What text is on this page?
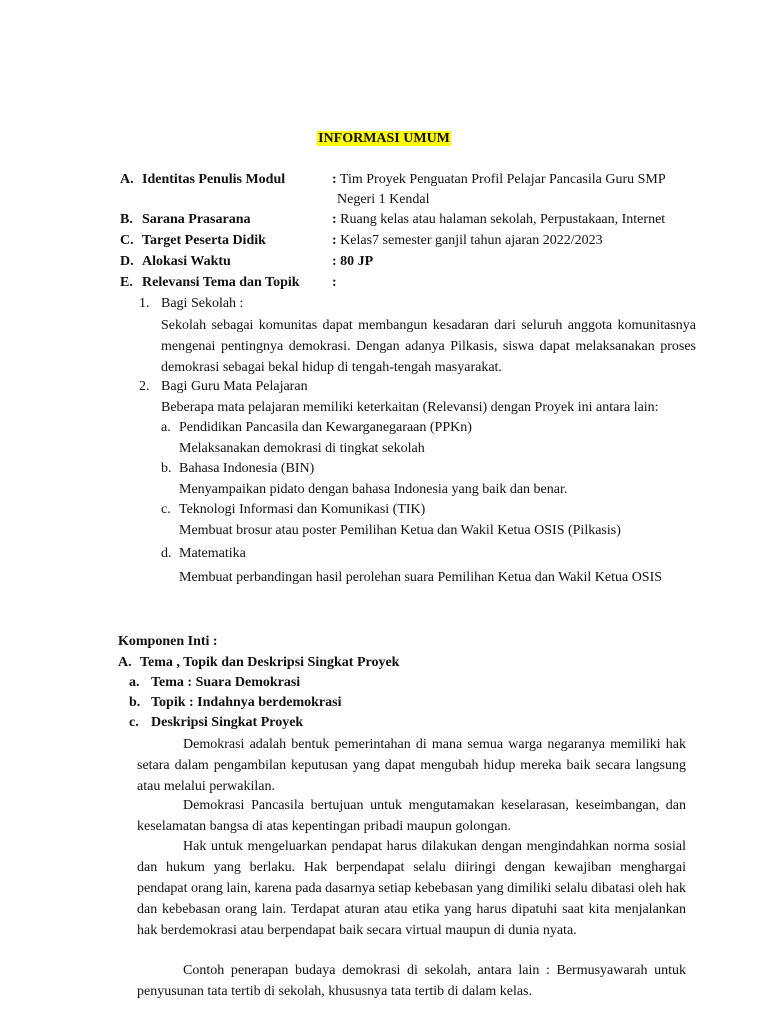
INFORMASI UMUM
A. Identitas Penulis Modul	: Tim Proyek Penguatan Profil Pelajar Pancasila Guru SMP
Negeri 1 Kendal
B. Sarana Prasarana	: Ruang kelas atau halaman sekolah, Perpustakaan, Internet
C. Target Peserta Didik	: Kelas7 semester ganjil tahun ajaran 2022/2023
D. Alokasi Waktu	: 80 JP
E. Relevansi Tema dan Topik :
1. Bagi Sekolah :
Sekolah sebagai komunitas dapat membangun kesadaran dari seluruh anggota komunitasnya mengenai pentingnya demokrasi. Dengan adanya Pilkasis, siswa dapat melaksanakan proses demokrasi sebagai bekal hidup di tengah-tengah masyarakat.
2. Bagi Guru Mata Pelajaran
Beberapa mata pelajaran memiliki keterkaitan (Relevansi) dengan Proyek ini antara lain:
a. Pendidikan Pancasila dan Kewarganegaraan (PPKn)
Melaksanakan demokrasi di tingkat sekolah
b. Bahasa Indonesia (BIN)
Menyampaikan pidato dengan bahasa Indonesia yang baik dan benar.
c. Teknologi Informasi dan Komunikasi (TIK)
Membuat brosur atau poster Pemilihan Ketua dan Wakil Ketua OSIS (Pilkasis)
d. Matematika
Membuat perbandingan hasil perolehan suara Pemilihan Ketua dan Wakil Ketua OSIS
Komponen Inti :
A. Tema , Topik dan Deskripsi Singkat Proyek
a. Tema : Suara Demokrasi
b. Topik : Indahnya berdemokrasi
c. Deskripsi Singkat Proyek
Demokrasi adalah bentuk pemerintahan di mana semua warga negaranya memiliki hak setara dalam pengambilan keputusan yang dapat mengubah hidup mereka baik secara langsung atau melalui perwakilan.
Demokrasi Pancasila bertujuan untuk mengutamakan keselarasan, keseimbangan, dan keselamatan bangsa di atas kepentingan pribadi maupun golongan.
Hak untuk mengeluarkan pendapat harus dilakukan dengan mengindahkan norma sosial dan hukum yang berlaku. Hak berpendapat selalu diiringi dengan kewajiban menghargai pendapat orang lain, karena pada dasarnya setiap kebebasan yang dimiliki selalu dibatasi oleh hak dan kebebasan orang lain. Terdapat aturan atau etika yang harus dipatuhi saat kita menjalankan hak berdemokrasi atau berpendapat baik secara virtual maupun di dunia nyata.
Contoh penerapan budaya demokrasi di sekolah, antara lain : Bermusyawarah untuk penyusunan tata tertib di sekolah, khususnya tata tertib di dalam kelas.
